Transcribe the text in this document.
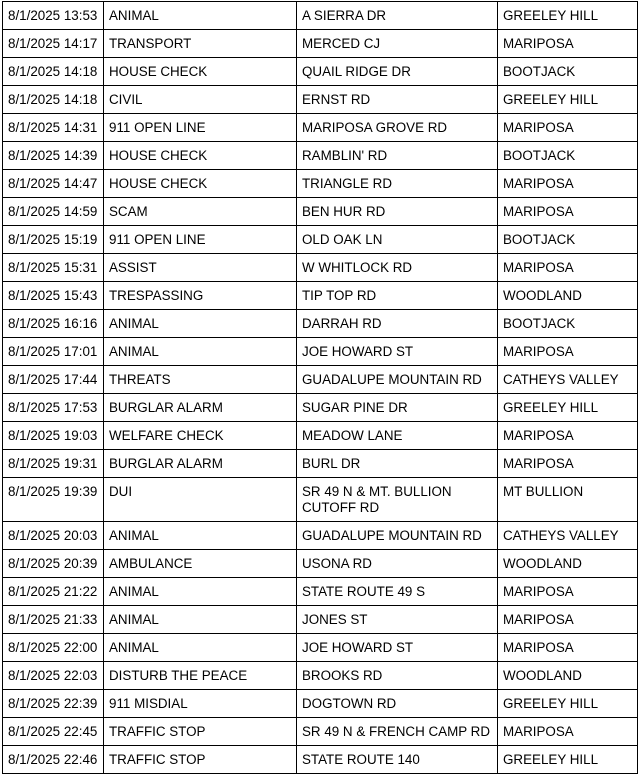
8/1/2025 13:53	ANIMAL	A SIERRA DR	GREELEY HILL
8/1/2025 14:17	TRANSPORT	MERCED CJ	MARIPOSA
8/1/2025 14:18	HOUSE CHECK	QUAIL RIDGE DR	BOOTJACK
8/1/2025 14:18	CIVIL	ERNST RD	GREELEY HILL
8/1/2025 14:31	911 OPEN LINE	MARIPOSA GROVE RD	MARIPOSA
8/1/2025 14:39	HOUSE CHECK	RAMBLIN' RD	BOOTJACK
8/1/2025 14:47	HOUSE CHECK	TRIANGLE RD	MARIPOSA
8/1/2025 14:59	SCAM	BEN HUR RD	MARIPOSA
8/1/2025 15:19	911 OPEN LINE	OLD OAK LN	BOOTJACK
8/1/2025 15:31	ASSIST	W WHITLOCK RD	MARIPOSA
8/1/2025 15:43	TRESPASSING	TIP TOP RD	WOODLAND
8/1/2025 16:16	ANIMAL	DARRAH RD	BOOTJACK
8/1/2025 17:01	ANIMAL	JOE HOWARD ST	MARIPOSA
8/1/2025 17:44	THREATS	GUADALUPE MOUNTAIN RD	CATHEYS VALLEY
8/1/2025 17:53	BURGLAR ALARM	SUGAR PINE DR	GREELEY HILL
8/1/2025 19:03	WELFARE CHECK	MEADOW LANE	MARIPOSA
8/1/2025 19:31	BURGLAR ALARM	BURL DR	MARIPOSA
8/1/2025 19:39	DUI	SR 49 N & MT. BULLION CUTOFF RD	MT BULLION
8/1/2025 20:03	ANIMAL	GUADALUPE MOUNTAIN RD	CATHEYS VALLEY
8/1/2025 20:39	AMBULANCE	USONA RD	WOODLAND
8/1/2025 21:22	ANIMAL	STATE ROUTE 49 S	MARIPOSA
8/1/2025 21:33	ANIMAL	JONES ST	MARIPOSA
8/1/2025 22:00	ANIMAL	JOE HOWARD ST	MARIPOSA
8/1/2025 22:03	DISTURB THE PEACE	BROOKS RD	WOODLAND
8/1/2025 22:39	911 MISDIAL	DOGTOWN RD	GREELEY HILL
8/1/2025 22:45	TRAFFIC STOP	SR 49 N & FRENCH CAMP RD	MARIPOSA
8/1/2025 22:46	TRAFFIC STOP	STATE ROUTE 140	GREELEY HILL
